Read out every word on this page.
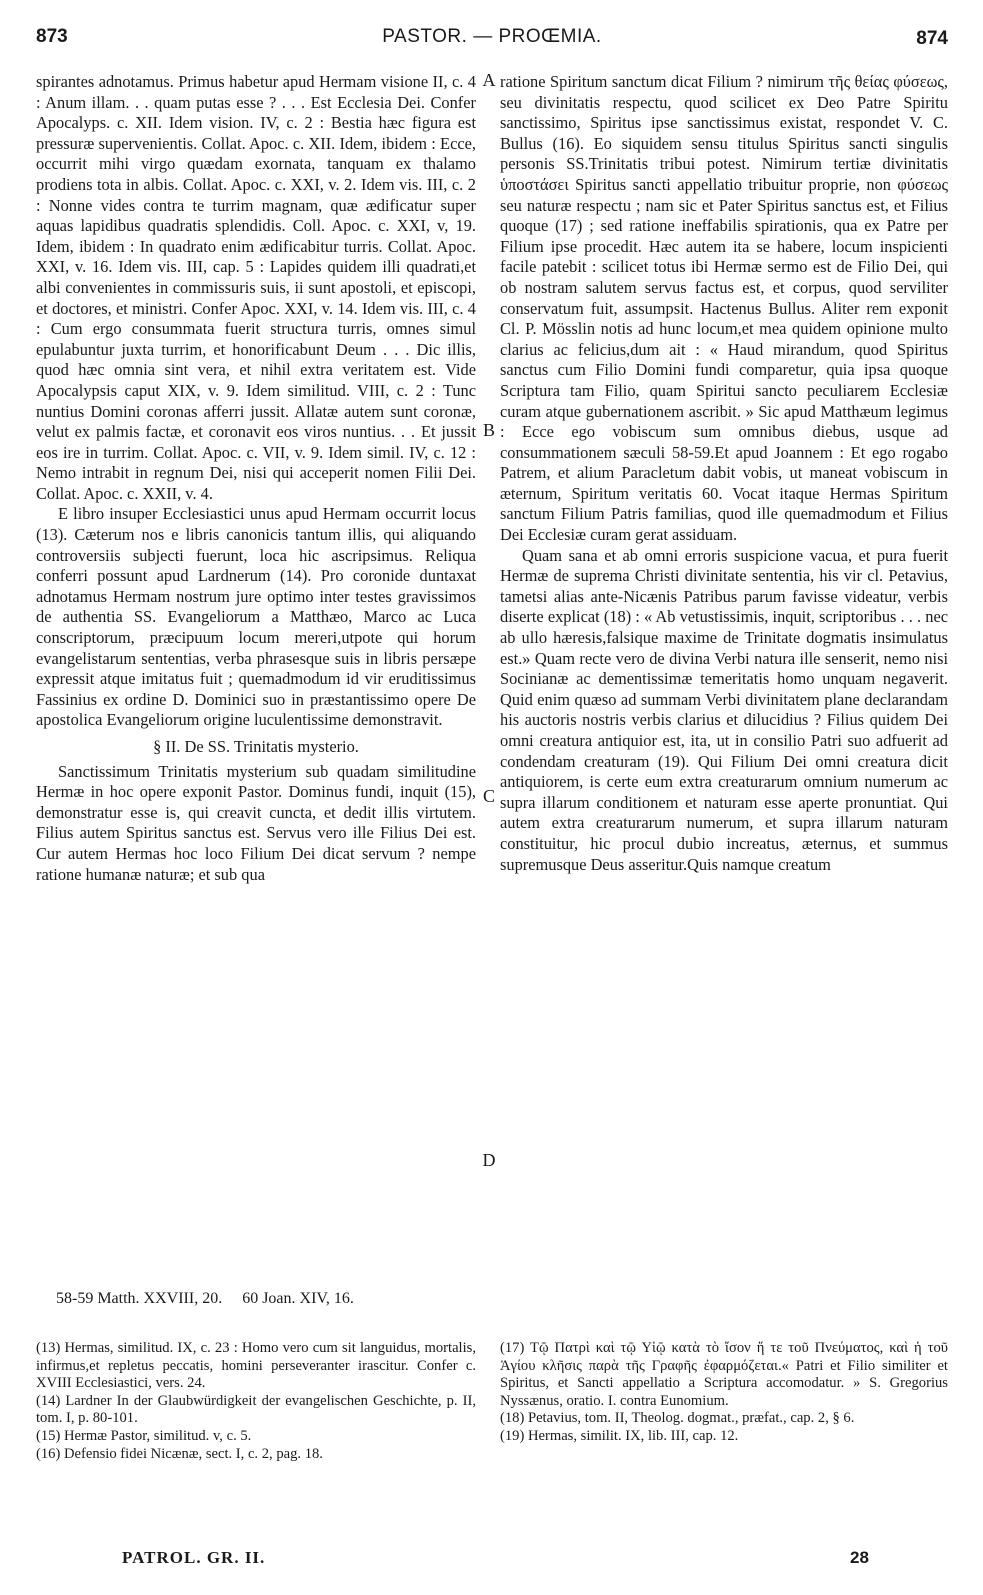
873	PASTOR. — PROŒMIA.	874

spirantes adnotamus. Primus habetur apud Hermam visione II, c. 4 : Anum illam. . . quam putas esse ? . . . Est Ecclesia Dei. Confer Apocalyps. c. XII. Idem vision. IV, c. 2 : Bestia hæc figura est pressuræ supervenientis. Collat. Apoc. c. XII. Idem, ibidem : Ecce, occurrit mihi virgo quædam exornata, tanquam ex thalamo prodiens tota in albis. Collat. Apoc. c. XXI, v. 2. Idem vis. III, c. 2 : Nonne vides contra te turrim magnam, quæ ædificatur super aquas lapidibus quadratis splendidis. Coll. Apoc. c. XXI, v, 19. Idem, ibidem : In quadrato enim ædificabitur turris. Collat. Apoc. XXI, v. 16. Idem vis. III, cap. 5 : Lapides quidem illi quadrati,et albi convenientes in commissuris suis, ii sunt apostoli, et episcopi, et doctores, et ministri. Confer Apoc. XXI, v. 14. Idem vis. III, c. 4 : Cum ergo consummata fuerit structura turris, omnes simul epulabuntur juxta turrim, et honorificabunt Deum . . . Dic illis, quod hæc omnia sint vera, et nihil extra veritatem est. Vide Apocalypsis caput XIX, v. 9. Idem similitud. VIII, c. 2 : Tunc nuntius Domini coronas afferri jussit. Allatæ autem sunt coronæ, velut ex palmis factæ, et coronavit eos viros nuntius. . . Et jussit eos ire in turrim. Collat. Apoc. c. VII, v. 9. Idem simil. IV, c. 12 : Nemo intrabit in regnum Dei, nisi qui acceperit nomen Filii Dei. Collat. Apoc. c. XXII, v. 4.

E libro insuper Ecclesiastici unus apud Hermam occurrit locus (13). Cæterum nos e libris canonicis tantum illis, qui aliquando controversiis subjecti fuerunt, loca hic ascripsimus. Reliqua conferri possunt apud Lardnerum (14). Pro coronide duntaxat adnotamus Hermam nostrum jure optimo inter testes gravissimos de authentia SS. Evangeliorum a Matthæo, Marco ac Luca conscriptorum, præcipuum locum mereri,utpote qui horum evangelistarum sententias, verba phrasesque suis in libris persæpe expressit atque imitatus fuit ; quemadmodum id vir eruditissimus Fassinius ex ordine D. Dominici suo in præstantissimo opere De apostolica Evangeliorum origine luculentissime demonstravit.

§ II. De SS. Trinitatis mysterio.

Sanctissimum Trinitatis mysterium sub quadam similitudine Hermæ in hoc opere exponit Pastor. Dominus fundi, inquit (15), demonstratur esse is, qui creavit cuncta, et dedit illis virtutem. Filius autem Spiritus sanctus est. Servus vero ille Filius Dei est. Cur autem Hermas hoc loco Filium Dei dicat servum ? nempe ratione humanæ naturæ; et sub qua

A
B
C
D

ratione Spiritum sanctum dicat Filium ? nimirum τῆς θείας φύσεως, seu divinitatis respectu, quod scilicet ex Deo Patre Spiritu sanctissimo, Spiritus ipse sanctissimus existat, respondet V. C. Bullus (16). Eo siquidem sensu titulus Spiritus sancti singulis personis SS.Trinitatis tribui potest. Nimirum tertiæ divinitatis ὑποστάσει Spiritus sancti appellatio tribuitur proprie, non φύσεως seu naturæ respectu ; nam sic et Pater Spiritus sanctus est, et Filius quoque (17) ; sed ratione ineffabilis spirationis, qua ex Patre per Filium ipse procedit. Hæc autem ita se habere, locum inspicienti facile patebit : scilicet totus ibi Hermæ sermo est de Filio Dei, qui ob nostram salutem servus factus est, et corpus, quod serviliter conservatum fuit, assumpsit. Hactenus Bullus. Aliter rem exponit Cl. P. Mösslin notis ad hunc locum,et mea quidem opinione multo clarius ac felicius,dum ait : « Haud mirandum, quod Spiritus sanctus cum Filio Domini fundi comparetur, quia ipsa quoque Scriptura tam Filio, quam Spiritui sancto peculiarem Ecclesiæ curam atque gubernationem ascribit. » Sic apud Matthæum legimus : Ecce ego vobiscum sum omnibus diebus, usque ad consummationem sæculi 58-59.Et apud Joannem : Et ego rogabo Patrem, et alium Paracletum dabit vobis, ut maneat vobiscum in æternum, Spiritum veritatis 60. Vocat itaque Hermas Spiritum sanctum Filium Patris familias, quod ille quemadmodum et Filius Dei Ecclesiæ curam gerat assiduam.

Quam sana et ab omni erroris suspicione vacua, et pura fuerit Hermæ de suprema Christi divinitate sententia, his vir cl. Petavius, tametsi alias ante-Nicænis Patribus parum favisse videatur, verbis diserte explicat (18) : « Ab vetustissimis, inquit, scriptoribus . . . nec ab ullo hæresis,falsique maxime de Trinitate dogmatis insimulatus est.» Quam recte vero de divina Verbi natura ille senserit, nemo nisi Socinianæ ac dementissimæ temeritatis homo unquam negaverit. Quid enim quæso ad summam Verbi divinitatem plane declarandam his auctoris nostris verbis clarius et dilucidius ? Filius quidem Dei omni creatura antiquior est, ita, ut in consilio Patri suo adfuerit ad condendam creaturam (19). Qui Filium Dei omni creatura dicit antiquiorem, is certe eum extra creaturarum omnium numerum ac supra illarum conditionem et naturam esse aperte pronuntiat. Qui autem extra creaturarum numerum, et supra illarum naturam constituitur, hic procul dubio increatus, æternus, et summus supremusque Deus asseritur.Quis namque creatum

58-59 Matth. XXVIII, 20. 60 Joan. XIV, 16.

(13) Hermas, similitud. IX, c. 23 : Homo vero cum sit languidus, mortalis, infirmus,et repletus peccatis, homini perseveranter irascitur. Confer c. XVIII Ecclesiastici, vers. 24.

(14) Lardner In der Glaubwürdigkeit der evangelischen Geschichte, p. II, tom. I, p. 80-101.

(15) Hermæ Pastor, similitud. v, c. 5.

(16) Defensio fidei Nicænæ, sect. I, c. 2, pag. 18.

(17) Τῷ Πατρὶ καὶ τῷ Υἱῷ κατὰ τὸ ἴσον ἥ τε τοῦ Πνεύματος, καὶ ἡ τοῦ Ἁγίου κλῆσις παρὰ τῆς Γραφῆς ἐφαρμόζεται.« Patri et Filio similiter et Spiritus, et Sancti appellatio a Scriptura accomodatur. » S. Gregorius Nyssænus, oratio. I. contra Eunomium.

(18) Petavius, tom. II, Theolog. dogmat., præfat., cap. 2, § 6.

(19) Hermas, similit. IX, lib. III, cap. 12.

PATROL. GR. II.	28
